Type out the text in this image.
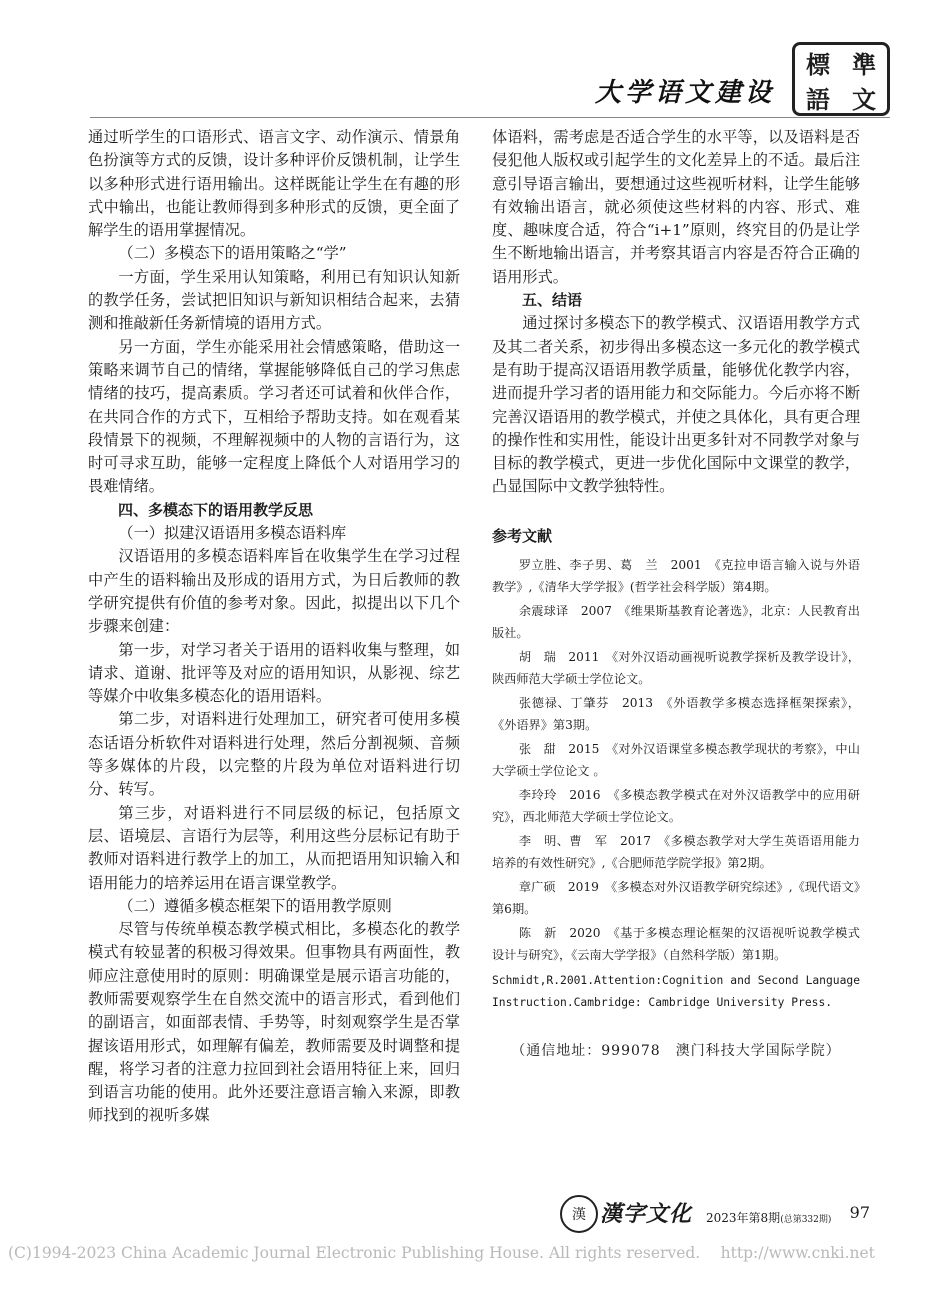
大学语文建设
標 準
語 文

通过听学生的口语形式、语言文字、动作演示、情景角色扮演等方式的反馈，设计多种评价反馈机制，让学生以多种形式进行语用输出。这样既能让学生在有趣的形式中输出，也能让教师得到多种形式的反馈，更全面了解学生的语用掌握情况。

（二）多模态下的语用策略之“学”

一方面，学生采用认知策略，利用已有知识认知新的教学任务，尝试把旧知识与新知识相结合起来，去猜测和推敲新任务新情境的语用方式。

另一方面，学生亦能采用社会情感策略，借助这一策略来调节自己的情绪，掌握能够降低自己的学习焦虑情绪的技巧，提高素质。学习者还可试着和伙伴合作，在共同合作的方式下，互相给予帮助支持。如在观看某段情景下的视频，不理解视频中的人物的言语行为，这时可寻求互助，能够一定程度上降低个人对语用学习的畏难情绪。

四、多模态下的语用教学反思

（一）拟建汉语语用多模态语料库

汉语语用的多模态语料库旨在收集学生在学习过程中产生的语料输出及形成的语用方式，为日后教师的教学研究提供有价值的参考对象。因此，拟提出以下几个步骤来创建：

第一步，对学习者关于语用的语料收集与整理，如请求、道谢、批评等及对应的语用知识，从影视、综艺等媒介中收集多模态化的语用语料。

第二步，对语料进行处理加工，研究者可使用多模态话语分析软件对语料进行处理，然后分割视频、音频等多媒体的片段，以完整的片段为单位对语料进行切分、转写。

第三步，对语料进行不同层级的标记，包括原文层、语境层、言语行为层等，利用这些分层标记有助于教师对语料进行教学上的加工，从而把语用知识输入和语用能力的培养运用在语言课堂教学。

（二）遵循多模态框架下的语用教学原则

尽管与传统单模态教学模式相比，多模态化的教学模式有较显著的积极习得效果。但事物具有两面性，教师应注意使用时的原则：明确课堂是展示语言功能的，教师需要观察学生在自然交流中的语言形式，看到他们的副语言，如面部表情、手势等，时刻观察学生是否掌握该语用形式，如理解有偏差，教师需要及时调整和提醒，将学习者的注意力拉回到社会语用特征上来，回归到语言功能的使用。此外还要注意语言输入来源，即教师找到的视听多媒

体语料，需考虑是否适合学生的水平等，以及语料是否侵犯他人版权或引起学生的文化差异上的不适。最后注意引导语言输出，要想通过这些视听材料，让学生能够有效输出语言，就必须使这些材料的内容、形式、难度、趣味度合适，符合“i+1”原则，终究目的仍是让学生不断地输出语言，并考察其语言内容是否符合正确的语用形式。

五、结语

通过探讨多模态下的教学模式、汉语语用教学方式及其二者关系，初步得出多模态这一多元化的教学模式是有助于提高汉语语用教学质量，能够优化教学内容，进而提升学习者的语用能力和交际能力。今后亦将不断完善汉语语用的教学模式，并使之具体化，具有更合理的操作性和实用性，能设计出更多针对不同教学对象与目标的教学模式，更进一步优化国际中文课堂的教学，凸显国际中文教学独特性。

参考文献

罗立胜、李子男、葛　兰　2001　《克拉申语言输入说与外语教学》,《清华大学学报》(哲学社会科学版）第4期。

余震球译　2007　《维果斯基教育论著选》，北京：人民教育出版社。

胡　瑞　2011　《对外汉语动画视听说教学探析及教学设计》，陕西师范大学硕士学位论文。

张德禄、丁肇芬　2013　《外语教学多模态选择框架探索》，《外语界》第3期。

张　甜　2015　《对外汉语课堂多模态教学现状的考察》，中山大学硕士学位论文 。

李玲玲　2016　《多模态教学模式在对外汉语教学中的应用研究》，西北师范大学硕士学位论文。

李　明、曹　军　2017　《多模态教学对大学生英语语用能力培养的有效性研究》,《合肥师范学院学报》第2期。

章广硕　2019　《多模态对外汉语教学研究综述》,《现代语文》第6期。

陈　新　2020　《基于多模态理论框架的汉语视听说教学模式设计与研究》，《云南大学学报》（自然科学版）第1期。

Schmidt,R.2001.Attention:Cognition and Second Language Instruction.Cambridge: Cambridge University Press.

（通信地址：999078　澳门科技大学国际学院）

漢 漢字文化 2023年第8期(总第332期) 97
(C)1994-2023 China Academic Journal Electronic Publishing House. All rights reserved.　 http://www.cnki.net
